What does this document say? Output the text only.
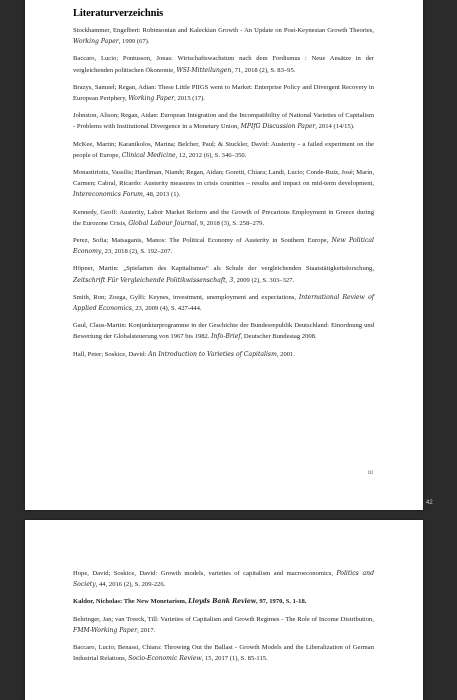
Literaturverzeichnis
Stockhammer, Engelbert: Robinsonian and Kaleckian Growth - An Update on Post-Keynesian Growth Theories, Working Paper, 1999 (67).
Baccaro, Lucio; Pontusson, Jonas: Wirtschaftswachstum nach dem Fordismus : Neue Ansätze in der vergleichenden politischen Ökonomie, WSI-Mitteilungen, 71, 2018 (2), S. 83–95.
Brazys, Samuel; Regan, Adian: These Little PIIGS went to Market: Enterprise Policy and Divergent Recovery in European Periphery, Working Paper, 2015 (17).
Johnston, Alison; Regan, Aidan: European Integration and the Incompatibility of National Varieties of Capitalism - Problems with Institutional Divergence in a Monetary Union, MPIfG Discussion Paper, 2014 (14/15).
McKee, Martin; Karanikolos, Marina; Belcher, Paul; & Stuckler, David: Austerity - a failed experiment on the people of Europe, Clinical Medicine, 12, 2012 (6), S. 346–350.
Monastiriotis, Vassilis; Hardiman, Niamh; Regan, Aidan; Goretti, Chiara; Landi, Lucio; Conde-Ruiz, José; Marín, Carmen; Cabral, Ricardo: Austerity measures in crisis countries – results and impact on mid-term development, Intereconomics Forum, 48, 2013 (1).
Kennedy, Geoff: Austerity, Labor Market Reform and the Growth of Precarious Employment in Greece during the Eurozone Crisis, Global Labour Journal, 9, 2018 (3), S. 258–279.
Perez, Sofia; Matsaganis, Manos: The Political Economy of Austerity in Southern Europe, New Political Economy, 23, 2018 (2), S. 192–207.
Höpner, Martin: „Spielarten des Kapitalismus“ als Schule der vergleichenden Staatstätigkeitsforschung, Zeitschrift Für Vergleichende Politikwissenschaft, 3, 2009 (2), S. 303–327.
Smith, Ron; Zoega, Gylfi: Keynes, investment, unemployment and expectations, International Review of Applied Economics, 23, 2009 (4), S. 427-444.
Gaul, Claus-Martin: Konjunkturprogramme in der Geschichte der Bundesrepublik Deutschland: Einordnung und Bewertung der Globalsteuerung von 1967 bis 1982. Info-Brief, Deutscher Bundestag 2008.
Hall, Peter; Soskice, David: An Introduction to Varieties of Capitalism, 2001.
iii
42
Hope, David; Soskice, David: Growth models, varieties of capitalism and macroeconomics, Politics and Society, 44, 2016 (2), S. 209-226.
Kaldor, Nicholas: The New Monetarism, Lloyds Bank Review, 97, 1970, S. 1-18.
Behringer, Jan; van Treeck, Till: Varieties of Capitalism and Growth Regimes - The Role of Income Distribution, FMM-Working Paper, 2017.
Baccaro, Lucio; Benassi, Chiara: Throwing Out the Ballast - Growth Models and the Liberalization of German Industrial Relations, Socio-Economic Review, 15, 2017 (1), S. 85-115.
